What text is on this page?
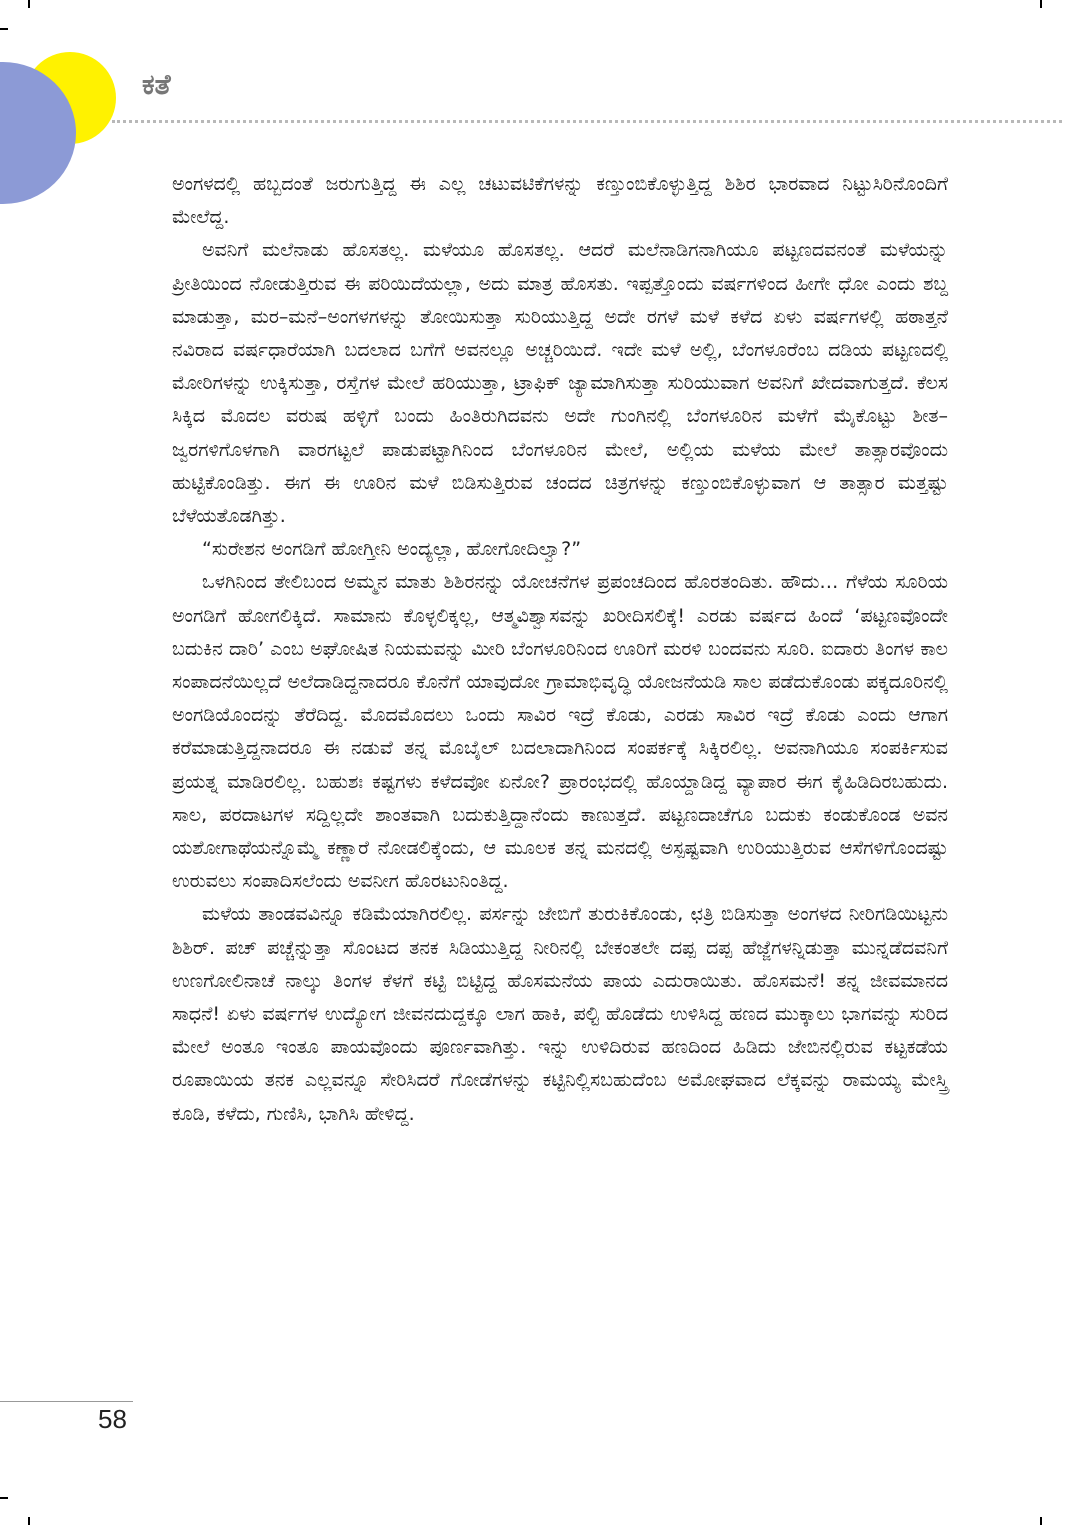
ಕತೆ

ಅಂಗಳದಲ್ಲಿ ಹಬ್ಬದಂತೆ ಜರುಗುತ್ತಿದ್ದ ಈ ಎಲ್ಲ ಚಟುವಟಿಕೆಗಳನ್ನು ಕಣ್ತುಂಬಿಕೊಳ್ಳುತ್ತಿದ್ದ ಶಿಶಿರ ಭಾರವಾದ ನಿಟ್ಟುಸಿರಿನೊಂದಿಗೆ ಮೇಲೆದ್ದ.

ಅವನಿಗೆ ಮಲೆನಾಡು ಹೊಸತಲ್ಲ. ಮಳೆಯೂ ಹೊಸತಲ್ಲ. ಆದರೆ ಮಲೆನಾಡಿಗನಾಗಿಯೂ ಪಟ್ಟಣದವನಂತೆ ಮಳೆಯನ್ನು ಪ್ರೀತಿಯಿಂದ ನೋಡುತ್ತಿರುವ ಈ ಪರಿಯಿದೆಯಲ್ಲಾ, ಅದು ಮಾತ್ರ ಹೊಸತು. ಇಪ್ಪತ್ತೊಂದು ವರ್ಷಗಳಿಂದ ಹೀಗೇ ಧೋ ಎಂದು ಶಬ್ದ ಮಾಡುತ್ತಾ, ಮರ–ಮನೆ–ಅಂಗಳಗಳನ್ನು ತೋಯಿಸುತ್ತಾ ಸುರಿಯುತ್ತಿದ್ದ ಅದೇ ರಗಳೆ ಮಳೆ ಕಳೆದ ಏಳು ವರ್ಷಗಳಲ್ಲಿ ಹಠಾತ್ತನೆ ನವಿರಾದ ವರ್ಷಧಾರೆಯಾಗಿ ಬದಲಾದ ಬಗೆಗೆ ಅವನಲ್ಲೂ ಅಚ್ಚರಿಯಿದೆ. ಇದೇ ಮಳೆ ಅಲ್ಲಿ, ಬೆಂಗಳೂರೆಂಬ ದಡಿಯ ಪಟ್ಟಣದಲ್ಲಿ ಮೋರಿಗಳನ್ನು ಉಕ್ಕಿಸುತ್ತಾ, ರಸ್ತೆಗಳ ಮೇಲೆ ಹರಿಯುತ್ತಾ, ಟ್ರಾಫಿಕ್ ಜ್ಯಾಮಾಗಿಸುತ್ತಾ ಸುರಿಯುವಾಗ ಅವನಿಗೆ ಖೇದವಾಗುತ್ತದೆ. ಕೆಲಸ ಸಿಕ್ಕಿದ ಮೊದಲ ವರುಷ ಹಳ್ಳಿಗೆ ಬಂದು ಹಿಂತಿರುಗಿದವನು ಅದೇ ಗುಂಗಿನಲ್ಲಿ ಬೆಂಗಳೂರಿನ ಮಳೆಗೆ ಮೈಕೊಟ್ಟು ಶೀತ–ಜ್ವರಗಳಿಗೊಳಗಾಗಿ ವಾರಗಟ್ಟಲೆ ಪಾಡುಪಟ್ಟಾಗಿನಿಂದ ಬೆಂಗಳೂರಿನ ಮೇಲೆ, ಅಲ್ಲಿಯ ಮಳೆಯ ಮೇಲೆ ತಾತ್ಸಾರವೊಂದು ಹುಟ್ಟಿಕೊಂಡಿತ್ತು. ಈಗ ಈ ಊರಿನ ಮಳೆ ಬಿಡಿಸುತ್ತಿರುವ ಚಂದದ ಚಿತ್ರಗಳನ್ನು ಕಣ್ತುಂಬಿಕೊಳ್ಳುವಾಗ ಆ ತಾತ್ಸಾರ ಮತ್ತಷ್ಟು ಬೆಳೆಯತೊಡಗಿತ್ತು.

“ಸುರೇಶನ ಅಂಗಡಿಗೆ ಹೋಗ್ತೀನಿ ಅಂದ್ಯಲ್ಲಾ, ಹೋಗೋದಿಲ್ವಾ?”

ಒಳಗಿನಿಂದ ತೇಲಿಬಂದ ಅಮ್ಮನ ಮಾತು ಶಿಶಿರನನ್ನು ಯೋಚನೆಗಳ ಪ್ರಪಂಚದಿಂದ ಹೊರತಂದಿತು. ಹೌದು… ಗೆಳೆಯ ಸೂರಿಯ ಅಂಗಡಿಗೆ ಹೋಗಲಿಕ್ಕಿದೆ. ಸಾಮಾನು ಕೊಳ್ಳಲಿಕ್ಕಲ್ಲ, ಆತ್ಮವಿಶ್ವಾಸವನ್ನು ಖರೀದಿಸಲಿಕ್ಕೆ! ಎರಡು ವರ್ಷದ ಹಿಂದೆ ‘ಪಟ್ಟಣವೊಂದೇ ಬದುಕಿನ ದಾರಿ’ ಎಂಬ ಅಘೋಷಿತ ನಿಯಮವನ್ನು ಮೀರಿ ಬೆಂಗಳೂರಿನಿಂದ ಊರಿಗೆ ಮರಳಿ ಬಂದವನು ಸೂರಿ. ಐದಾರು ತಿಂಗಳ ಕಾಲ ಸಂಪಾದನೆಯಿಲ್ಲದೆ ಅಲೆದಾಡಿದ್ದನಾದರೂ ಕೊನೆಗೆ ಯಾವುದೋ ಗ್ರಾಮಾಭಿವೃದ್ಧಿ ಯೋಜನೆಯಡಿ ಸಾಲ ಪಡೆದುಕೊಂಡು ಪಕ್ಕದೂರಿನಲ್ಲಿ ಅಂಗಡಿಯೊಂದನ್ನು ತೆರೆದಿದ್ದ. ಮೊದಮೊದಲು ಒಂದು ಸಾವಿರ ಇದ್ರೆ ಕೊಡು, ಎರಡು ಸಾವಿರ ಇದ್ರೆ ಕೊಡು ಎಂದು ಆಗಾಗ ಕರೆಮಾಡುತ್ತಿದ್ದನಾದರೂ ಈ ನಡುವೆ ತನ್ನ ಮೊಬೈಲ್ ಬದಲಾದಾಗಿನಿಂದ ಸಂಪರ್ಕಕ್ಕೆ ಸಿಕ್ಕಿರಲಿಲ್ಲ. ಅವನಾಗಿಯೂ ಸಂಪರ್ಕಿಸುವ ಪ್ರಯತ್ನ ಮಾಡಿರಲಿಲ್ಲ. ಬಹುಶಃ ಕಷ್ಟಗಳು ಕಳೆದವೋ ಏನೋ? ಪ್ರಾರಂಭದಲ್ಲಿ ಹೊಯ್ದಾಡಿದ್ದ ವ್ಯಾಪಾರ ಈಗ ಕೈಹಿಡಿದಿರಬಹುದು. ಸಾಲ, ಪರದಾಟಗಳ ಸದ್ದಿಲ್ಲದೇ ಶಾಂತವಾಗಿ ಬದುಕುತ್ತಿದ್ದಾನೆಂದು ಕಾಣುತ್ತದೆ. ಪಟ್ಟಣದಾಚೆಗೂ ಬದುಕು ಕಂಡುಕೊಂಡ ಅವನ ಯಶೋಗಾಥೆಯನ್ನೊಮ್ಮೆ ಕಣ್ಣಾರೆ ನೋಡಲಿಕ್ಕೆಂದು, ಆ ಮೂಲಕ ತನ್ನ ಮನದಲ್ಲಿ ಅಸ್ಪಷ್ಟವಾಗಿ ಉರಿಯುತ್ತಿರುವ ಆಸೆಗಳಿಗೊಂದಷ್ಟು ಉರುವಲು ಸಂಪಾದಿಸಲೆಂದು ಅವನೀಗ ಹೊರಟುನಿಂತಿದ್ದ.

ಮಳೆಯ ತಾಂಡವವಿನ್ನೂ ಕಡಿಮೆಯಾಗಿರಲಿಲ್ಲ. ಪರ್ಸನ್ನು ಜೇಬಿಗೆ ತುರುಕಿಕೊಂಡು, ಛತ್ರಿ ಬಿಡಿಸುತ್ತಾ ಅಂಗಳದ ನೀರಿಗಡಿಯಿಟ್ಟನು ಶಿಶಿರ್. ಪಚ್ ಪಚ್ಚೆನ್ನುತ್ತಾ ಸೊಂಟದ ತನಕ ಸಿಡಿಯುತ್ತಿದ್ದ ನೀರಿನಲ್ಲಿ ಬೇಕಂತಲೇ ದಪ್ಪ ದಪ್ಪ ಹೆಜ್ಜೆಗಳನ್ನಿಡುತ್ತಾ ಮುನ್ನಡೆದವನಿಗೆ ಉಣಗೋಲಿನಾಚೆ ನಾಲ್ಕು ತಿಂಗಳ ಕೆಳಗೆ ಕಟ್ಟಿ ಬಿಟ್ಟಿದ್ದ ಹೊಸಮನೆಯ ಪಾಯ ಎದುರಾಯಿತು. ಹೊಸಮನೆ! ತನ್ನ ಜೀವಮಾನದ ಸಾಧನೆ! ಏಳು ವರ್ಷಗಳ ಉದ್ಯೋಗ ಜೀವನದುದ್ದಕ್ಕೂ ಲಾಗ ಹಾಕಿ, ಪಲ್ಟಿ ಹೊಡೆದು ಉಳಿಸಿದ್ದ ಹಣದ ಮುಕ್ಕಾಲು ಭಾಗವನ್ನು ಸುರಿದ ಮೇಲೆ ಅಂತೂ ಇಂತೂ ಪಾಯವೊಂದು ಪೂರ್ಣವಾಗಿತ್ತು. ಇನ್ನು ಉಳಿದಿರುವ ಹಣದಿಂದ ಹಿಡಿದು ಜೇಬಿನಲ್ಲಿರುವ ಕಟ್ಟಕಡೆಯ ರೂಪಾಯಿಯ ತನಕ ಎಲ್ಲವನ್ನೂ ಸೇರಿಸಿದರೆ ಗೋಡೆಗಳನ್ನು ಕಟ್ಟಿನಿಲ್ಲಿಸಬಹುದೆಂಬ ಅಮೋಘವಾದ ಲೆಕ್ಕವನ್ನು ರಾಮಯ್ಯ ಮೇಸ್ತ್ರಿ ಕೂಡಿ, ಕಳೆದು, ಗುಣಿಸಿ, ಭಾಗಿಸಿ ಹೇಳಿದ್ದ.

58
